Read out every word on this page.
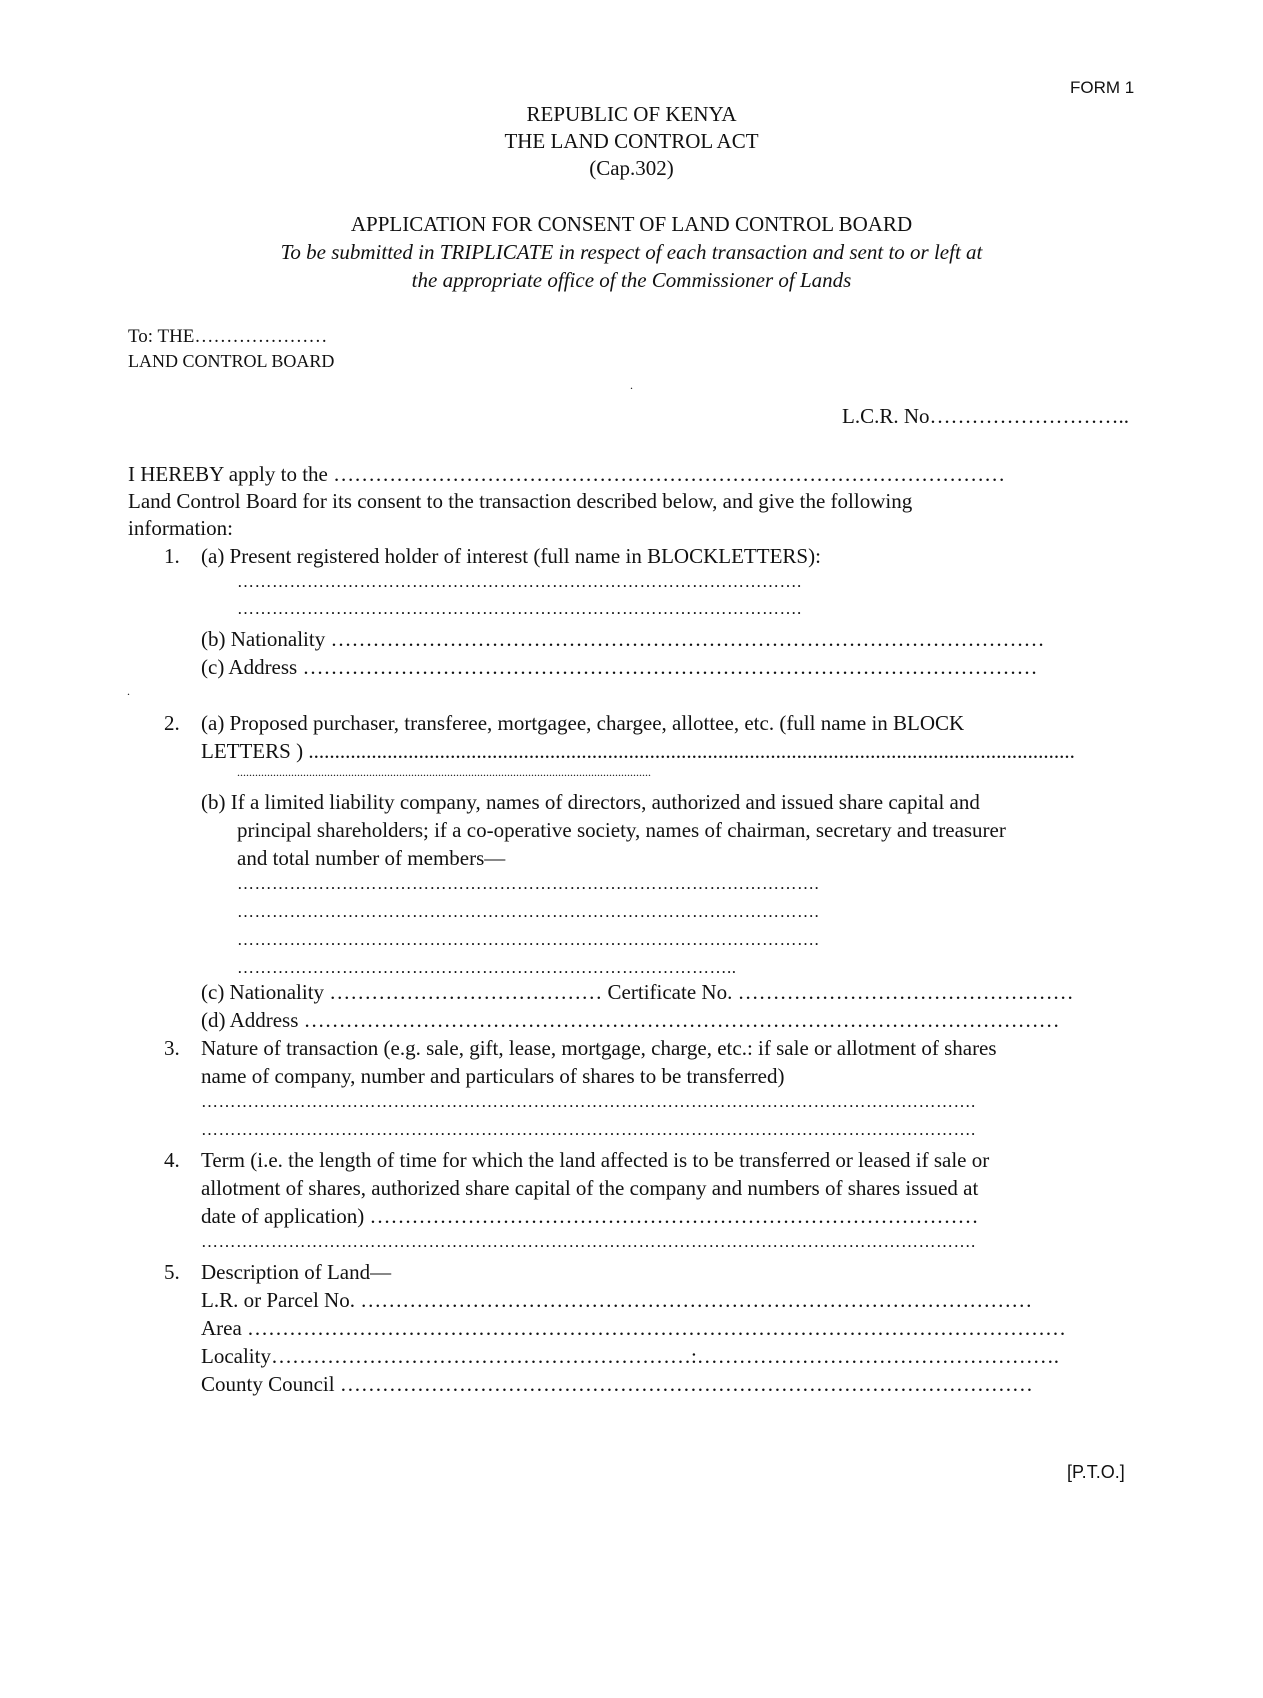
FORM 1
REPUBLIC OF KENYA
THE LAND CONTROL ACT
(Cap.302)
APPLICATION FOR CONSENT OF LAND CONTROL BOARD
To be submitted in TRIPLICATE in respect of each transaction and sent to or left at
the appropriate office of the Commissioner of Lands
To: THE…………………
LAND CONTROL BOARD
.
L.C.R. No………………………..
I HEREBY apply to the ……………………………………………………………………………………
Land Control Board for its consent to the transaction described below, and give the following
information:
1. (a) Present registered holder of interest (full name in BLOCKLETTERS):
…………………………………………………………………………………….
…………………………………………………………………………………….
(b) Nationality …………………………………………………………………………………………
(c) Address ……………………………………………………………………………………………
.
2. (a) Proposed purchaser, transferee, mortgagee, chargee, allottee, etc. (full name in BLOCK
LETTERS ) ..................................................................................................................................................
..........................................................................................................................................
(b) If a limited liability company, names of directors, authorized and issued share capital and
principal shareholders; if a co-operative society, names of chairman, secretary and treasurer
and total number of members—
……………………………………………………………………………………….
……………………………………………………………………………………….
……………………………………………………………………………………….
…………………………………………………………………………..
(c) Nationality ………………………………… Certificate No. …………………………………………
(d) Address ………………………………………………………………………………………………
3. Nature of transaction (e.g. sale, gift, lease, mortgage, charge, etc.: if sale or allotment of shares
name of company, number and particulars of shares to be transferred)
…………………………………………………………………………………………………………………….
…………………………………………………………………………………………………………………….
4. Term (i.e. the length of time for which the land affected is to be transferred or leased if sale or
allotment of shares, authorized share capital of the company and numbers of shares issued at
date of application) ……………………………………………………………………………
…………………………………………………………………………………………………………………….
5. Description of Land—
L.R. or Parcel No. ……………………………………………………………………………………
Area ………………………………………………………………………………………………………
Locality……………………………………………………:…………………………………………….
County Council ………………………………………………………………………………………
[P.T.O.]
